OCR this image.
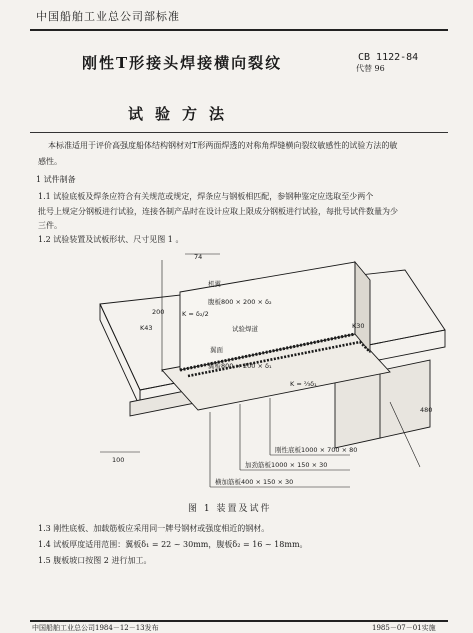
中国船舶工业总公司部标准
刚性T形接头焊接横向裂纹
试验方法
CB 1122-84
代替 96
本标准适用于评价高强度船体结构钢材对T形两面焊透的对称角焊缝横向裂纹敏感性的试验方法的敏
感性。
1 试件制备
1.1 试验底板及焊条应符合有关规范或规定，焊条应与钢板相匹配，参钢种鉴定应选取至少两个
批号上规定分钢板进行试验，连接各制产品时在设计应取上限成分钢板进行试验，每批号试件数量为少
三件。
1.2 试验装置及试板形状、尺寸见图 1 。
74
200
100
480
机翼
腹板800 × 200 × δ₂
K = δ₂/2
K43	K30
试验焊道
翼面
翼板800 × 200 × δ₁
K = ⅔δ₁
刚性底板1000 × 700 × 80
加劲筋板1000 × 150 × 30
横加筋板400 × 150 × 30
图 1 装置及试件
1.3 刚性底板、加载筋板应采用同一牌号钢材或强度相近的钢材。
1.4 试板厚度适用范围：翼板δ₁ = 22 ~ 30mm，腹板δ₂ = 16 ~ 18mm。
1.5 腹板坡口按图 2 进行加工。
中国船舶工业总公司1984－12－13发布	1985－07－01实施
